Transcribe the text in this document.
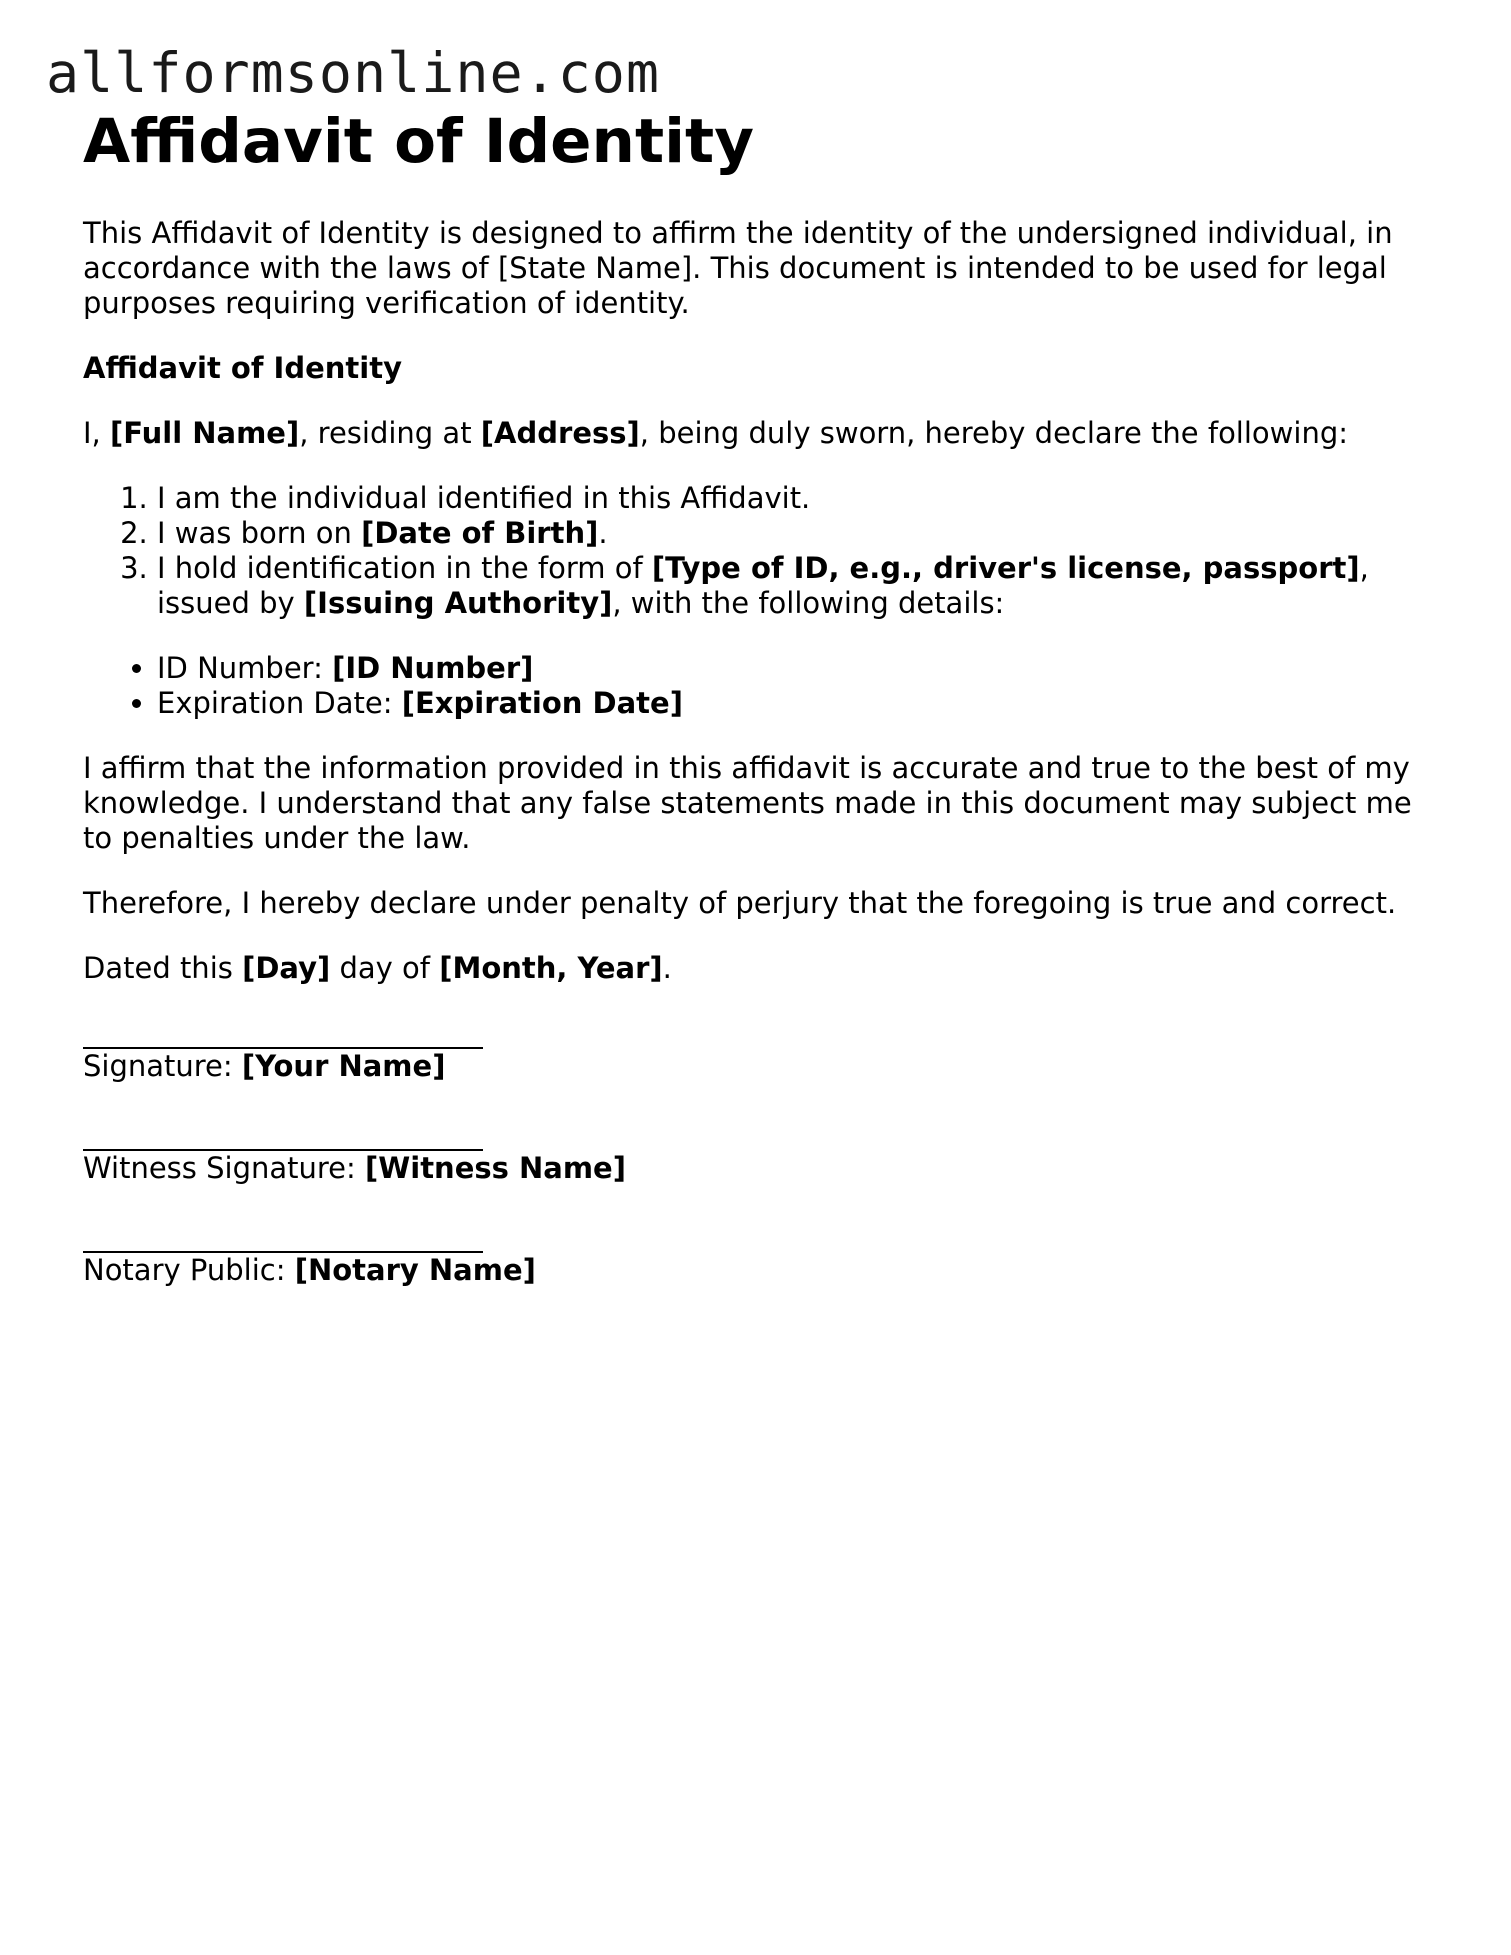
allformsonline.com
Affidavit of Identity

This Affidavit of Identity is designed to affirm the identity of the undersigned individual, in accordance with the laws of [State Name]. This document is intended to be used for legal purposes requiring verification of identity.

Affidavit of Identity

I, [Full Name], residing at [Address], being duly sworn, hereby declare the following:

1. I am the individual identified in this Affidavit.
2. I was born on [Date of Birth].
3. I hold identification in the form of [Type of ID, e.g., driver's license, passport], issued by [Issuing Authority], with the following details:
• ID Number: [ID Number]
• Expiration Date: [Expiration Date]

I affirm that the information provided in this affidavit is accurate and true to the best of my knowledge. I understand that any false statements made in this document may subject me to penalties under the law.

Therefore, I hereby declare under penalty of perjury that the foregoing is true and correct.

Dated this [Day] day of [Month, Year].

Signature: [Your Name]
Witness Signature: [Witness Name]
Notary Public: [Notary Name]
